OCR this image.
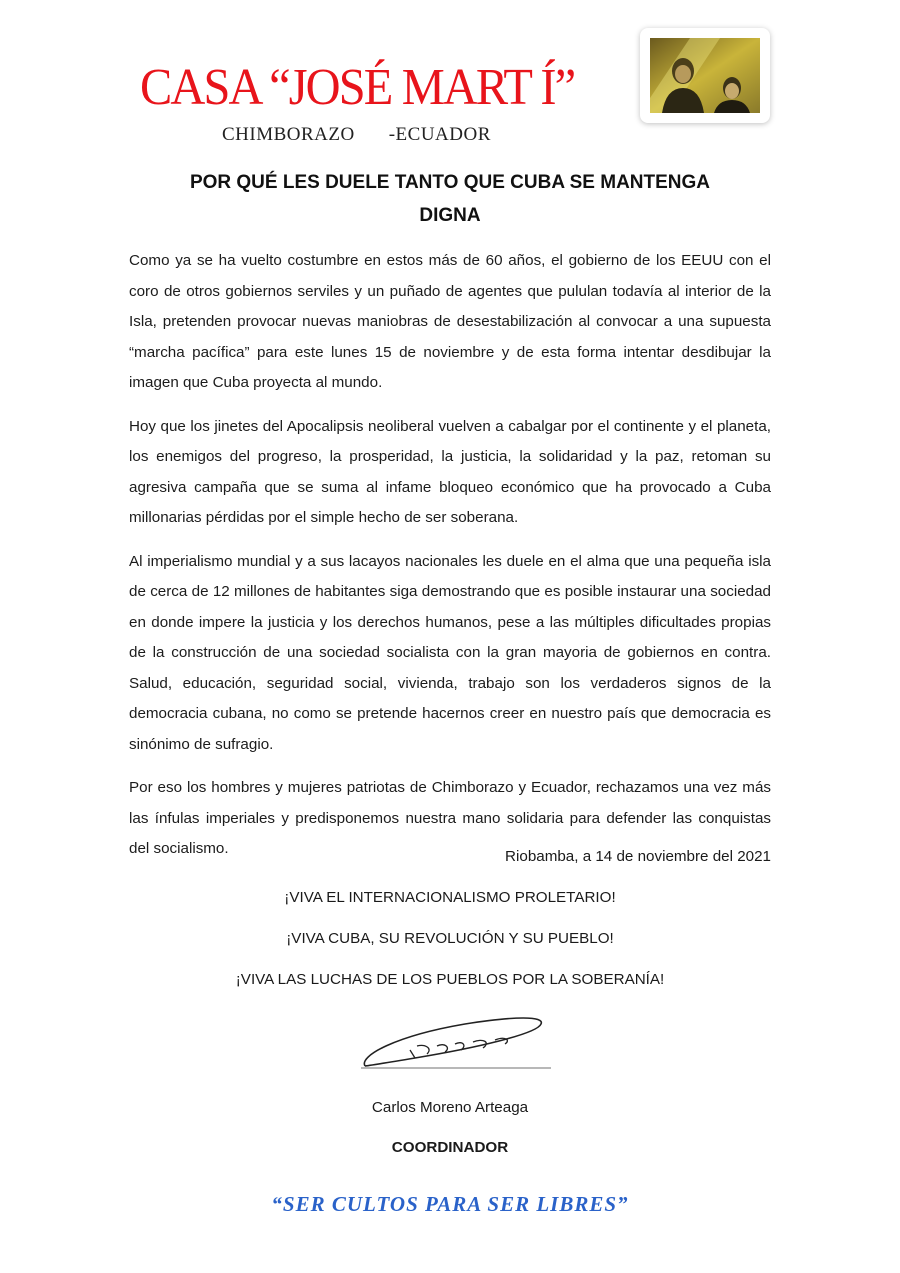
CASA “JOSÉ MART Í”
CHIMBORAZO -ECUADOR
POR QUÉ LES DUELE TANTO QUE CUBA SE MANTENGA
DIGNA

Como ya se ha vuelto costumbre en estos más de 60 años, el gobierno de los EEUU con el coro de otros gobiernos serviles y un puñado de agentes que pululan todavía al interior de la Isla, pretenden provocar nuevas maniobras de desestabilización al convocar a una supuesta “marcha pacífica” para este lunes 15 de noviembre y de esta forma intentar desdibujar la imagen que Cuba proyecta al mundo.

Hoy que los jinetes del Apocalipsis neoliberal vuelven a cabalgar por el continente y el planeta, los enemigos del progreso, la prosperidad, la justicia, la solidaridad y la paz, retoman su agresiva campaña que se suma al infame bloqueo económico que ha provocado a Cuba millonarias pérdidas por el simple hecho de ser soberana.

Al imperialismo mundial y a sus lacayos nacionales les duele en el alma que una pequeña isla de cerca de 12 millones de habitantes siga demostrando que es posible instaurar una sociedad en donde impere la justicia y los derechos humanos, pese a las múltiples dificultades propias de la construcción de una sociedad socialista con la gran mayoria de gobiernos en contra. Salud, educación, seguridad social, vivienda, trabajo son los verdaderos signos de la democracia cubana, no como se pretende hacernos creer en nuestro país que democracia es sinónimo de sufragio.

Por eso los hombres y mujeres patriotas de Chimborazo y Ecuador, rechazamos una vez más las ínfulas imperiales y predisponemos nuestra mano solidaria para defender las conquistas del socialismo.	Riobamba, a 14 de noviembre del 2021
¡VIVA EL INTERNACIONALISMO PROLETARIO!
¡VIVA CUBA, SU REVOLUCIÓN Y SU PUEBLO!
¡VIVA LAS LUCHAS DE LOS PUEBLOS POR LA SOBERANÍA!
Carlos Moreno Arteaga
COORDINADOR
“SER CULTOS PARA SER LIBRES”
